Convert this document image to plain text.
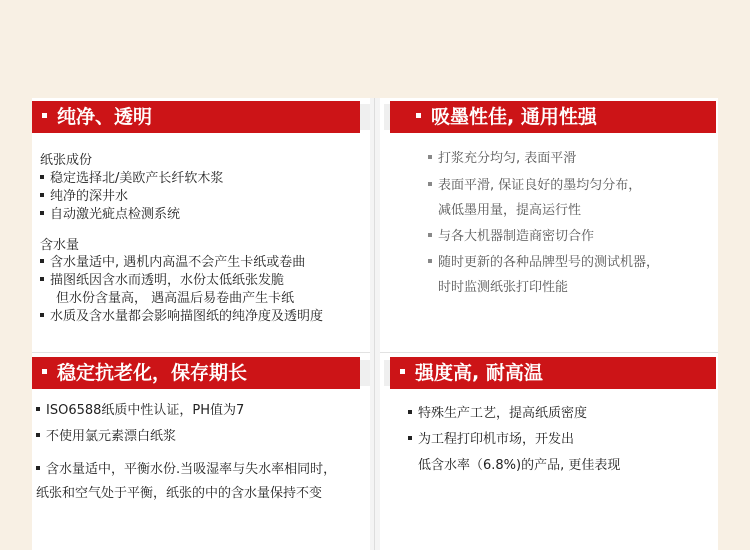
纯净、透明
纸张成份
稳定选择北/美欧产长纤软木浆
纯净的深井水
自动激光疵点检测系统
含水量
含水量适中, 遇机内高温不会产生卡纸或卷曲
描图纸因含水而透明，水份太低纸张发脆
但水份含量高， 遇高温后易卷曲产生卡纸
水质及含水量都会影响描图纸的纯净度及透明度
吸墨性佳, 通用性强
打浆充分均匀, 表面平滑
表面平滑, 保证良好的墨均匀分布，
减低墨用量，提高运行性
与各大机器制造商密切合作
随时更新的各种品牌型号的测试机器，
时时监测纸张打印性能
稳定抗老化，保存期长
ISO6588纸质中性认证，PH值为7
不使用氯元素漂白纸浆
含水量适中，平衡水份.当吸湿率与失水率相同时，
纸张和空气处于平衡，纸张的中的含水量保持不变
强度高, 耐高温
特殊生产工艺，提高纸质密度
为工程打印机市场，开发出
低含水率（6.8%)的产品, 更佳表现
